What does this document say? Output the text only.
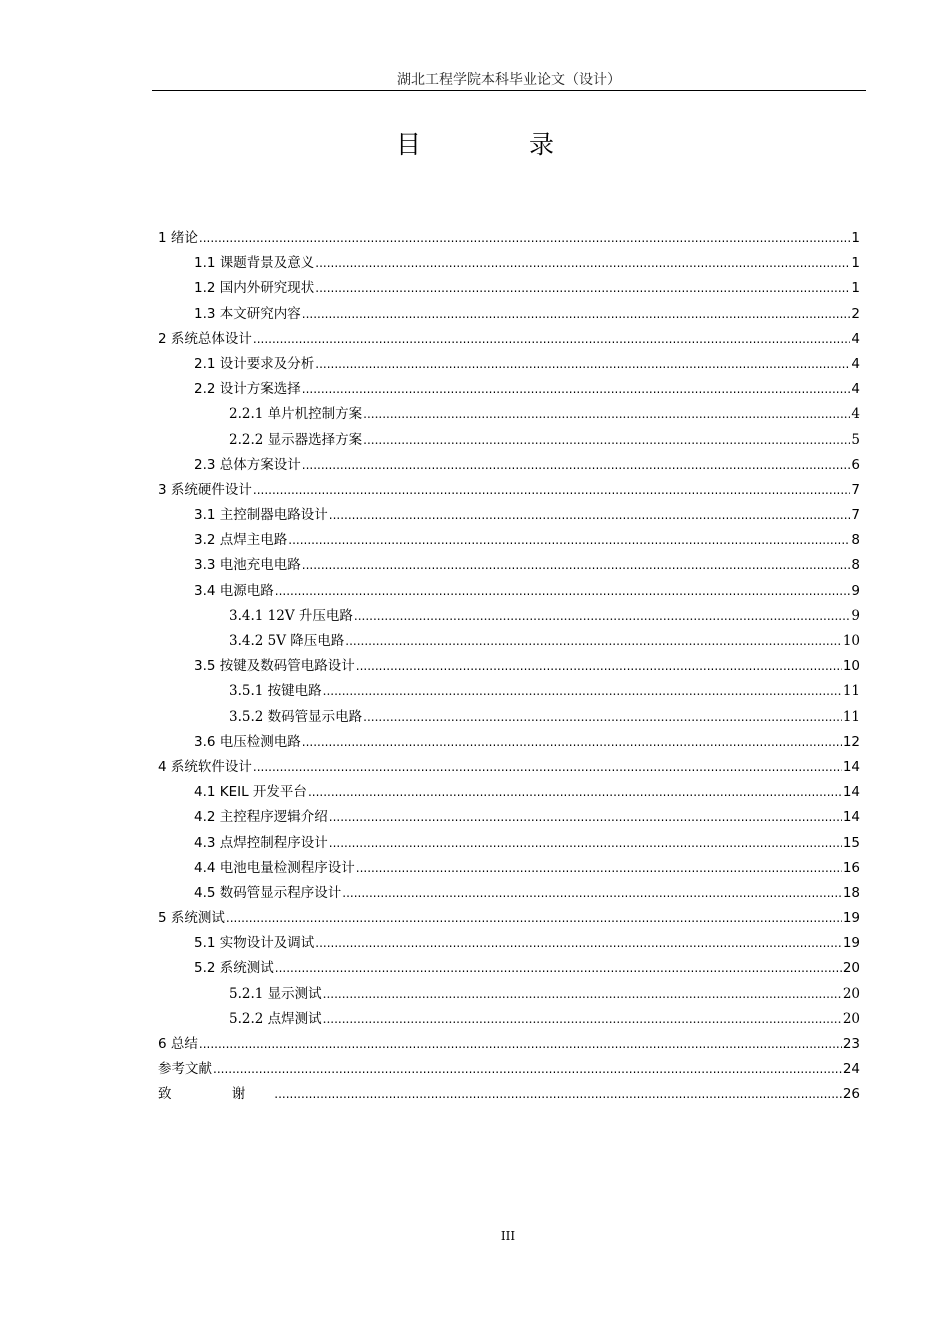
湖北工程学院本科毕业论文（设计）
目 录
1 绪论 .....	1
1.1 课题背景及意义 .....	1
1.2 国内外研究现状 .....	1
1.3 本文研究内容 .....	2
2 系统总体设计 .....	4
2.1 设计要求及分析 .....	4
2.2 设计方案选择 .....	4
2.2.1 单片机控制方案 .....	4
2.2.2 显示器选择方案 .....	5
2.3 总体方案设计 .....	6
3 系统硬件设计 .....	7
3.1 主控制器电路设计 .....	7
3.2 点焊主电路 .....	8
3.3 电池充电电路 .....	8
3.4 电源电路 .....	9
3.4.1 12V 升压电路 .....	9
3.4.2 5V 降压电路 .....	10
3.5 按键及数码管电路设计 .....	10
3.5.1 按键电路 .....	11
3.5.2 数码管显示电路 .....	11
3.6 电压检测电路 .....	12
4 系统软件设计 .....	14
4.1 KEIL 开发平台 .....	14
4.2 主控程序逻辑介绍 .....	14
4.3 点焊控制程序设计 .....	15
4.4 电池电量检测程序设计 .....	16
4.5 数码管显示程序设计 .....	18
5 系统测试 .....	19
5.1 实物设计及调试 .....	19
5.2 系统测试 .....	20
5.2.1 显示测试 .....	20
5.2.2 点焊测试 .....	20
6 总结 .....	23
参考文献 .....	24
致 谢 .....	26
III
